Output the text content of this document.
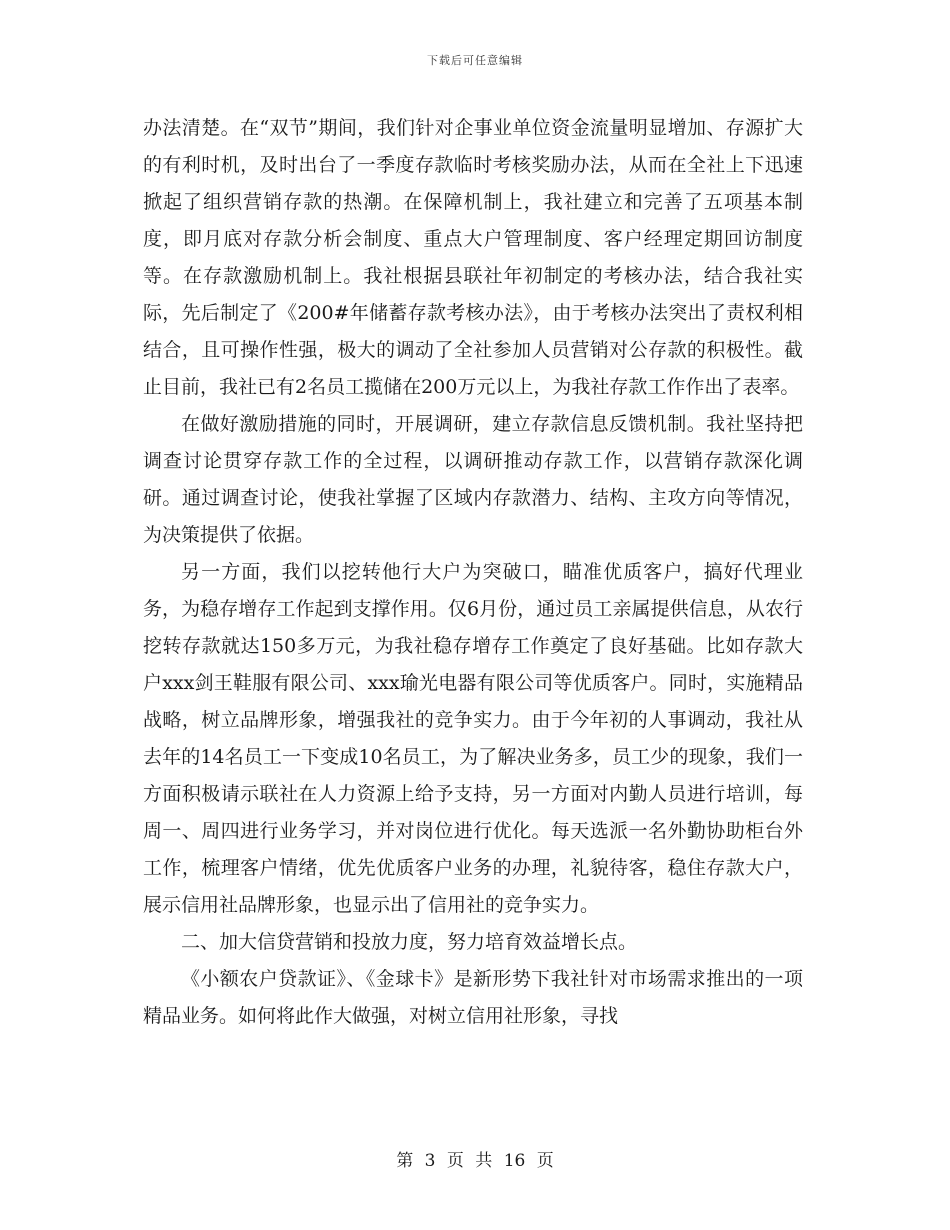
下载后可任意编辑

办法清楚。在“双节”期间，我们针对企事业单位资金流量明显增加、存源扩大的有利时机，及时出台了一季度存款临时考核奖励办法，从而在全社上下迅速掀起了组织营销存款的热潮。在保障机制上，我社建立和完善了五项基本制度，即月底对存款分析会制度、重点大户管理制度、客户经理定期回访制度等。在存款激励机制上。我社根据县联社年初制定的考核办法，结合我社实际，先后制定了《200#年储蓄存款考核办法》，由于考核办法突出了责权利相结合，且可操作性强，极大的调动了全社参加人员营销对公存款的积极性。截止目前，我社已有2名员工揽储在200万元以上，为我社存款工作作出了表率。

在做好激励措施的同时，开展调研，建立存款信息反馈机制。我社坚持把调查讨论贯穿存款工作的全过程，以调研推动存款工作，以营销存款深化调研。通过调查讨论，使我社掌握了区域内存款潜力、结构、主攻方向等情况，为决策提供了依据。

另一方面，我们以挖转他行大户为突破口，瞄准优质客户，搞好代理业务，为稳存增存工作起到支撑作用。仅6月份，通过员工亲属提供信息，从农行挖转存款就达150多万元，为我社稳存增存工作奠定了良好基础。比如存款大户xxx剑王鞋服有限公司、xxx瑜光电器有限公司等优质客户。同时，实施精品战略，树立品牌形象，增强我社的竞争实力。由于今年初的人事调动，我社从去年的14名员工一下变成10名员工，为了解决业务多，员工少的现象，我们一方面积极请示联社在人力资源上给予支持，另一方面对内勤人员进行培训，每周一、周四进行业务学习，并对岗位进行优化。每天选派一名外勤协助柜台外工作，梳理客户情绪，优先优质客户业务的办理，礼貌待客，稳住存款大户，展示信用社品牌形象，也显示出了信用社的竞争实力。

二、加大信贷营销和投放力度，努力培育效益增长点。

《小额农户贷款证》、《金球卡》是新形势下我社针对市场需求推出的一项精品业务。如何将此作大做强，对树立信用社形象，寻找

第 3 页 共 16 页
